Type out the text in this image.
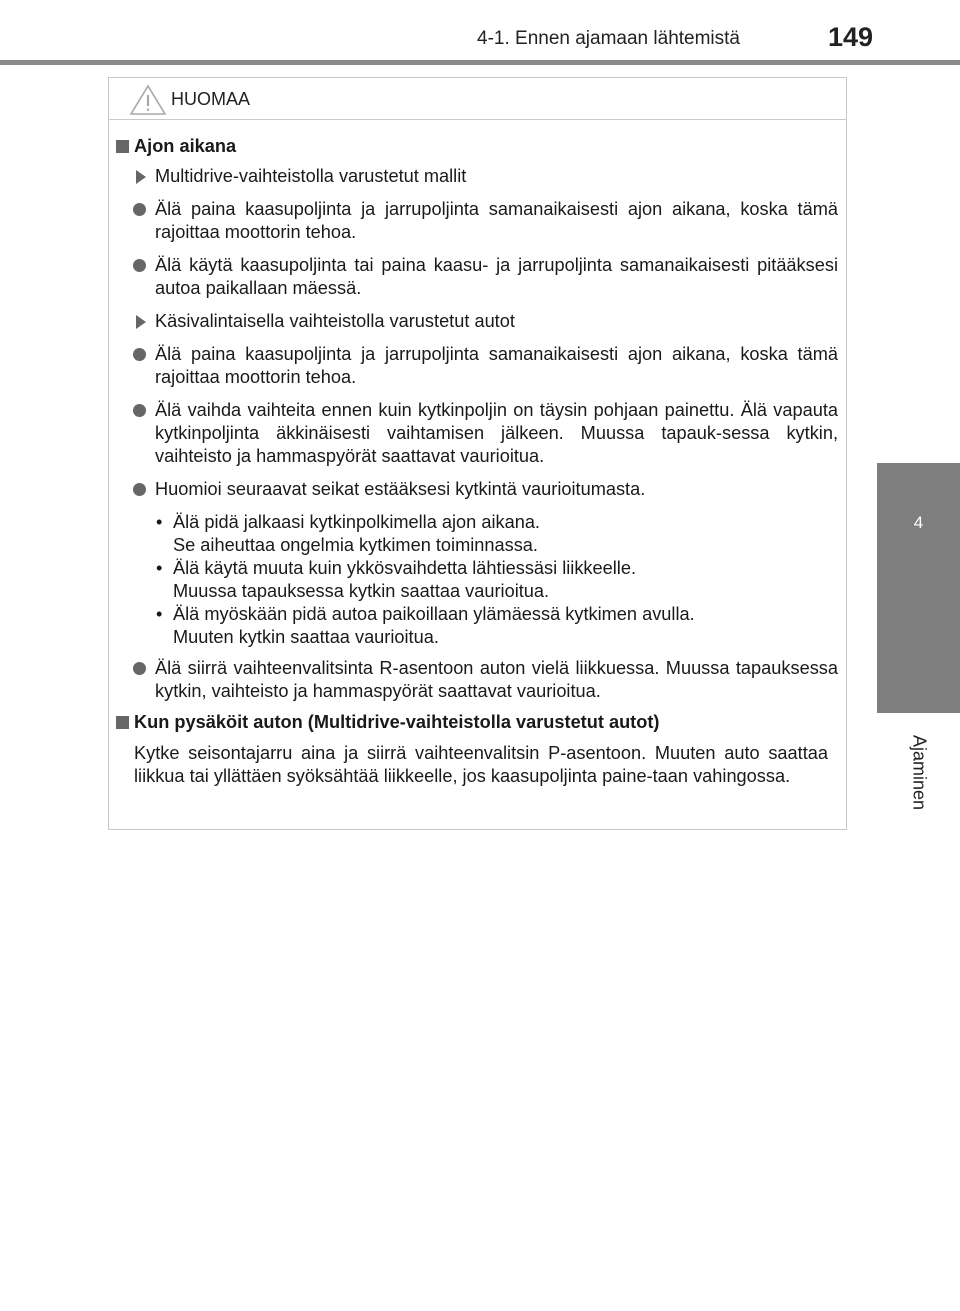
4-1. Ennen ajamaan lähtemistä	149
4
Ajaminen
HUOMAA
Ajon aikana
Multidrive-vaihteistolla varustetut mallit
Älä paina kaasupoljinta ja jarrupoljinta samanaikaisesti ajon aikana, koska tämä rajoittaa moottorin tehoa.
Älä käytä kaasupoljinta tai paina kaasu- ja jarrupoljinta samanaikaisesti pitääksesi autoa paikallaan mäessä.
Käsivalintaisella vaihteistolla varustetut autot
Älä paina kaasupoljinta ja jarrupoljinta samanaikaisesti ajon aikana, koska tämä rajoittaa moottorin tehoa.
Älä vaihda vaihteita ennen kuin kytkinpoljin on täysin pohjaan painettu. Älä vapauta kytkinpoljinta äkkinäisesti vaihtamisen jälkeen. Muussa tapauk-sessa kytkin, vaihteisto ja hammaspyörät saattavat vaurioitua.
Huomioi seuraavat seikat estääksesi kytkintä vaurioitumasta.
• Älä pidä jalkaasi kytkinpolkimella ajon aikana.
Se aiheuttaa ongelmia kytkimen toiminnassa.
• Älä käytä muuta kuin ykkösvaihdetta lähtiessäsi liikkeelle.
Muussa tapauksessa kytkin saattaa vaurioitua.
• Älä myöskään pidä autoa paikoillaan ylämäessä kytkimen avulla.
Muuten kytkin saattaa vaurioitua.
Älä siirrä vaihteenvalitsinta R-asentoon auton vielä liikkuessa. Muussa tapauksessa kytkin, vaihteisto ja hammaspyörät saattavat vaurioitua.
Kun pysäköit auton (Multidrive-vaihteistolla varustetut autot)
Kytke seisontajarru aina ja siirrä vaihteenvalitsin P-asentoon. Muuten auto saattaa liikkua tai yllättäen syöksähtää liikkeelle, jos kaasupoljinta paine-taan vahingossa.
